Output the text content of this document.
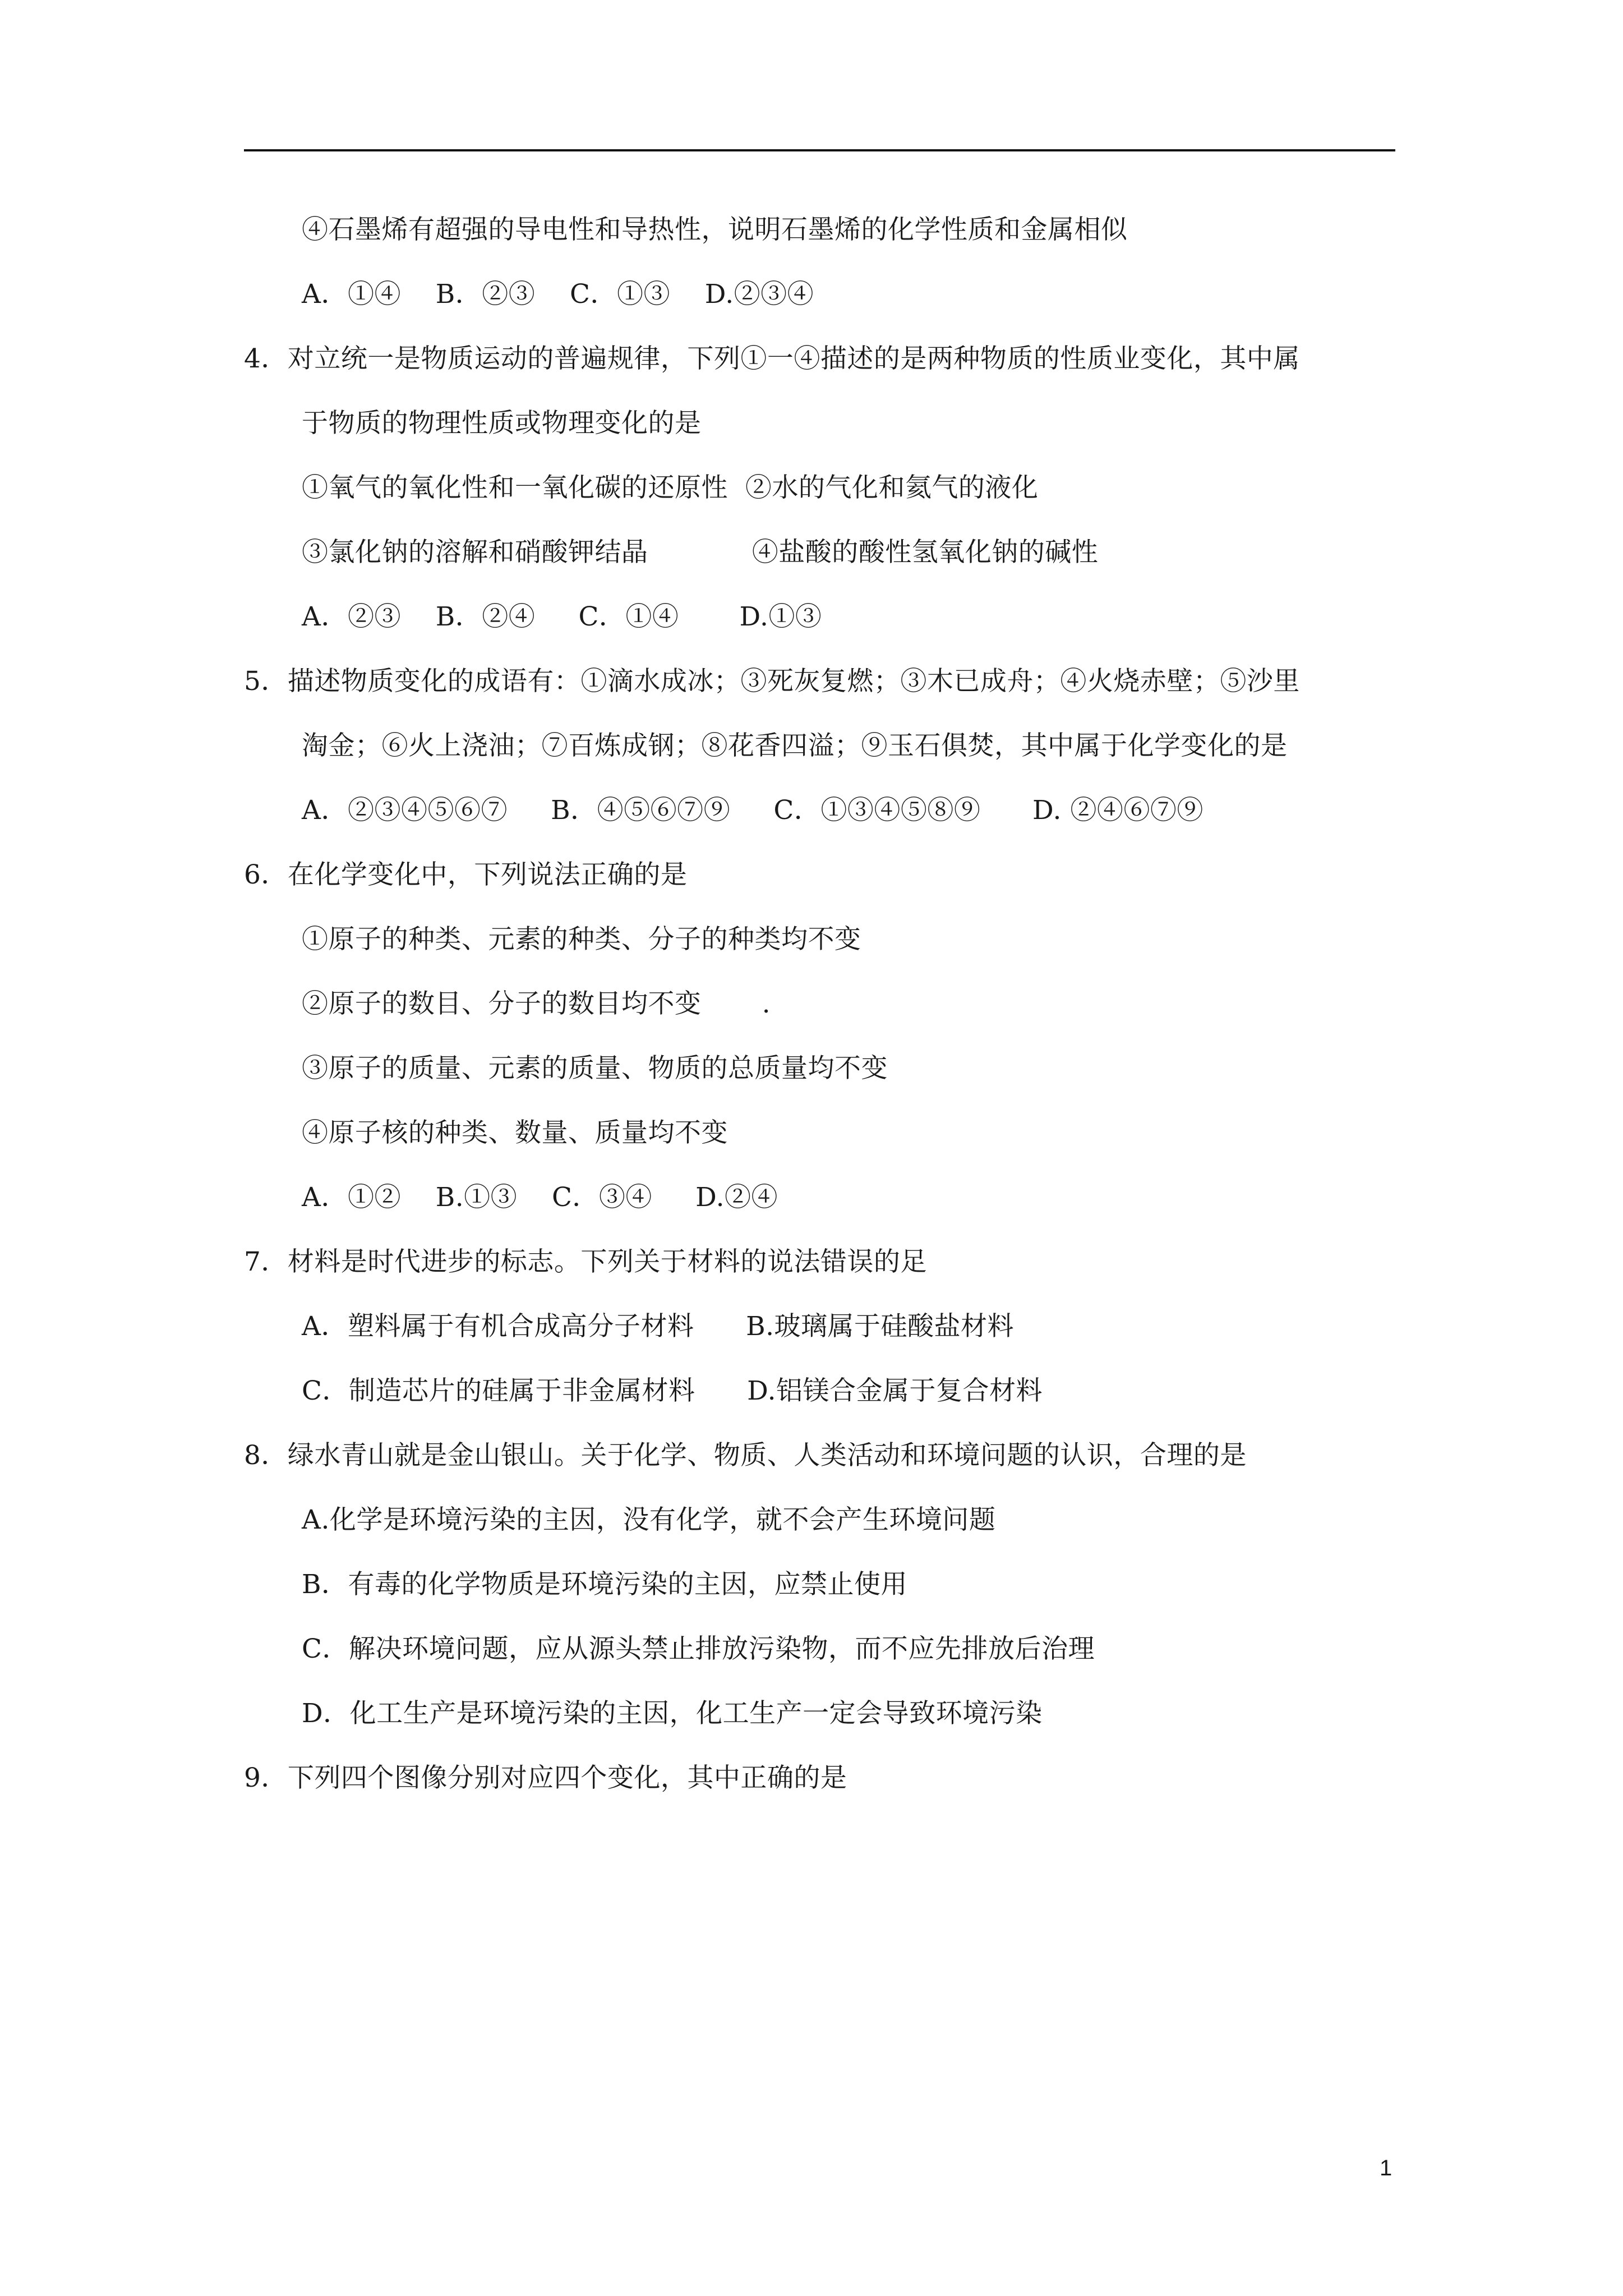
④石墨烯有超强的导电性和导热性，说明石墨烯的化学性质和金属相似
A．①④    B．②③    C．①③    D.②③④
4．对立统一是物质运动的普遍规律，下列①一④描述的是两种物质的性质业变化，其中属
于物质的物理性质或物理变化的是
①氧气的氧化性和一氧化碳的还原性  ②水的气化和氦气的液化
③氯化钠的溶解和硝酸钾结晶            ④盐酸的酸性氢氧化钠的碱性
A．②③    B．②④     C．①④       D.①③
5．描述物质变化的成语有：①滴水成冰；③死灰复燃；③木已成舟；④火烧赤壁；⑤沙里
淘金；⑥火上浇油；⑦百炼成钢；⑧花香四溢；⑨玉石俱焚，其中属于化学变化的是
A．②③④⑤⑥⑦     B．④⑤⑥⑦⑨     C．①③④⑤⑧⑨      D. ②④⑥⑦⑨
6．在化学变化中，下列说法正确的是
①原子的种类、元素的种类、分子的种类均不变
②原子的数目、分子的数目均不变       .
③原子的质量、元素的质量、物质的总质量均不变
④原子核的种类、数量、质量均不变
A．①②    B.①③    C．③④     D.②④
7．材料是时代进步的标志。下列关于材料的说法错误的足
A．塑料属于有机合成高分子材料      B.玻璃属于硅酸盐材料
C．制造芯片的硅属于非金属材料      D.铝镁合金属于复合材料
8．绿水青山就是金山银山。关于化学、物质、人类活动和环境问题的认识，合理的是
A.化学是环境污染的主因，没有化学，就不会产生环境问题
B．有毒的化学物质是环境污染的主因，应禁止使用
C．解决环境问题，应从源头禁止排放污染物，而不应先排放后治理
D．化工生产是环境污染的主因，化工生产一定会导致环境污染
9．下列四个图像分别对应四个变化，其中正确的是
1
